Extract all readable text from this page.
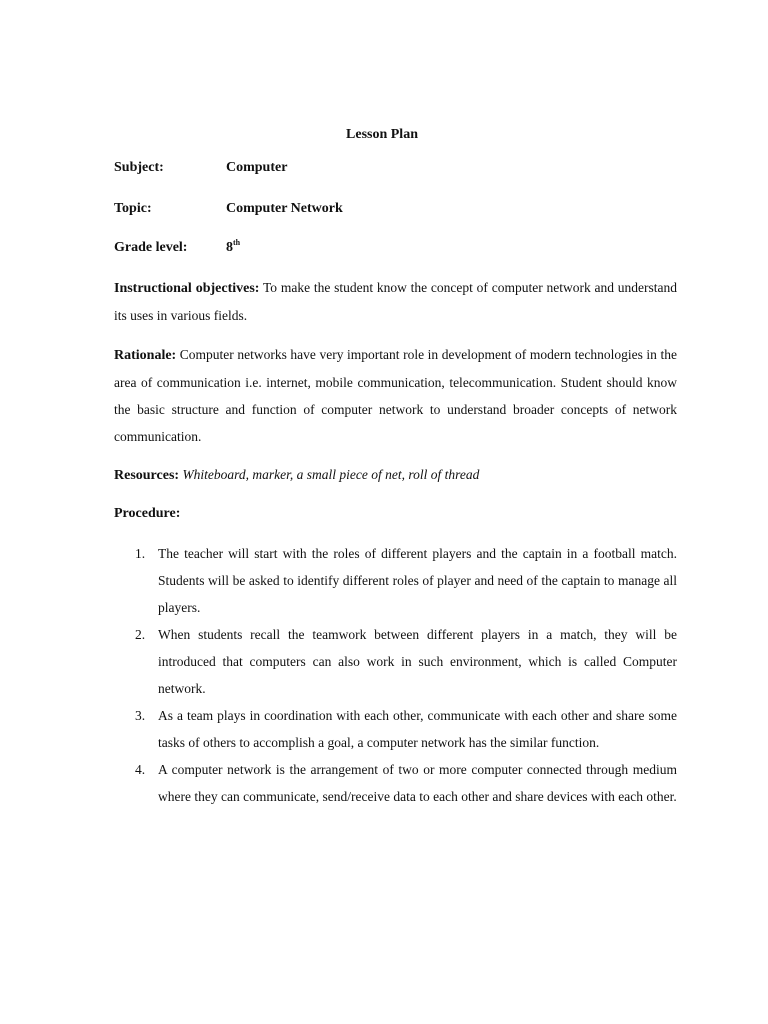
Lesson Plan
Subject:	Computer
Topic:	Computer Network
Grade level:	8th
Instructional objectives: To make the student know the concept of computer network and understand its uses in various fields.
Rationale: Computer networks have very important role in development of modern technologies in the area of communication i.e. internet, mobile communication, telecommunication. Student should know the basic structure and function of computer network to understand broader concepts of network communication.
Resources: Whiteboard, marker, a small piece of net, roll of thread
Procedure:
1. The teacher will start with the roles of different players and the captain in a football match. Students will be asked to identify different roles of player and need of the captain to manage all players.
2. When students recall the teamwork between different players in a match, they will be introduced that computers can also work in such environment, which is called Computer network.
3. As a team plays in coordination with each other, communicate with each other and share some tasks of others to accomplish a goal, a computer network has the similar function.
4. A computer network is the arrangement of two or more computer connected through medium where they can communicate, send/receive data to each other and share devices with each other.
